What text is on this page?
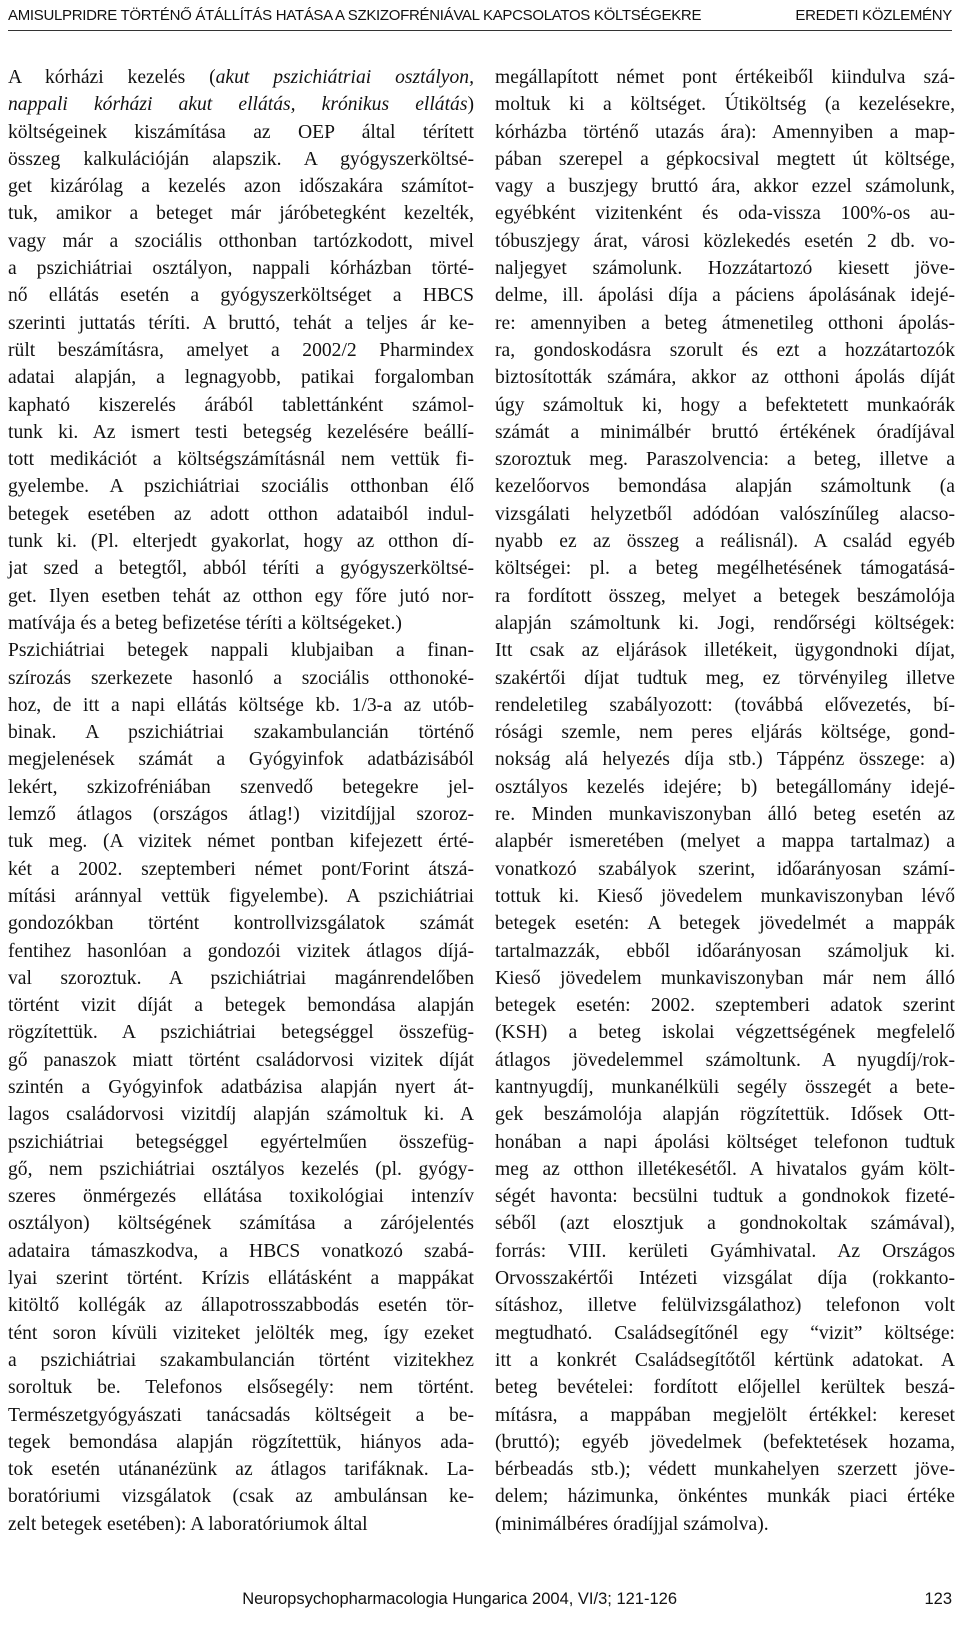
AMISULPRIDRE TÖRTÉNŐ ÁTÁLLÍTÁS HATÁSA A SZKIZOFRÉNIÁVAL KAPCSOLATOS KÖLTSÉGEKRE	EREDETI KÖZLEMÉNY
A kórházi kezelés (akut pszichiátriai osztályon,
nappali kórházi akut ellátás, krónikus ellátás)
költségeinek kiszámítása az OEP által térített
összeg kalkulációján alapszik. A gyógyszerköltsé-
get kizárólag a kezelés azon időszakára számítot-
tuk, amikor a beteget már járóbetegként kezelték,
vagy már a szociális otthonban tartózkodott, mivel
a pszichiátriai osztályon, nappali kórházban törté-
nő ellátás esetén a gyógyszerköltséget a HBCS
szerinti juttatás téríti. A bruttó, tehát a teljes ár ke-
rült beszámításra, amelyet a 2002/2 Pharmindex
adatai alapján, a legnagyobb, patikai forgalomban
kapható kiszerelés árából tablettánként számol-
tunk ki. Az ismert testi betegség kezelésére beállí-
tott medikációt a költségszámításnál nem vettük fi-
gyelembe. A pszichiátriai szociális otthonban élő
betegek esetében az adott otthon adataiból indul-
tunk ki. (Pl. elterjedt gyakorlat, hogy az otthon dí-
jat szed a betegtől, abból téríti a gyógyszerköltsé-
get. Ilyen esetben tehát az otthon egy főre jutó nor-
matívája és a beteg befizetése téríti a költségeket.)
Pszichiátriai betegek nappali klubjaiban a finan-
szírozás szerkezete hasonló a szociális otthonoké-
hoz, de itt a napi ellátás költsége kb. 1/3-a az utób-
binak. A pszichiátriai szakambulancián történő
megjelenések számát a Gyógyinfok adatbázisából
lekért, szkizofréniában szenvedő betegekre jel-
lemző átlagos (országos átlag!) vizitdíjjal szoroz-
tuk meg. (A vizitek német pontban kifejezett érté-
két a 2002. szeptemberi német pont/Forint átszá-
mítási aránnyal vettük figyelembe). A pszichiátriai
gondozókban történt kontrollvizsgálatok számát
fentihez hasonlóan a gondozói vizitek átlagos díjá-
val szoroztuk. A pszichiátriai magánrendelőben
történt vizit díját a betegek bemondása alapján
rögzítettük. A pszichiátriai betegséggel összefüg-
gő panaszok miatt történt családorvosi vizitek díját
szintén a Gyógyinfok adatbázisa alapján nyert át-
lagos családorvosi vizitdíj alapján számoltuk ki. A
pszichiátriai betegséggel egyértelműen összefüg-
gő, nem pszichiátriai osztályos kezelés (pl. gyógy-
szeres önmérgezés ellátása toxikológiai intenzív
osztályon) költségének számítása a zárójelentés
adataira támaszkodva, a HBCS vonatkozó szabá-
lyai szerint történt. Krízis ellátásként a mappákat
kitöltő kollégák az állapotrosszabbodás esetén tör-
tént soron kívüli viziteket jelölték meg, így ezeket
a pszichiátriai szakambulancián történt vizitekhez
soroltuk be. Telefonos elsősegély: nem történt.
Természetgyógyászati tanácsadás költségeit a be-
tegek bemondása alapján rögzítettük, hiányos ada-
tok esetén utánanézünk az átlagos tarifáknak. La-
boratóriumi vizsgálatok (csak az ambulánsan ke-
zelt betegek esetében): A laboratóriumok által
megállapított német pont értékeiből kiindulva szá-
moltuk ki a költséget. Útiköltség (a kezelésekre,
kórházba történő utazás ára): Amennyiben a map-
pában szerepel a gépkocsival megtett út költsége,
vagy a buszjegy bruttó ára, akkor ezzel számolunk,
egyébként vizitenként és oda-vissza 100%-os au-
tóbuszjegy árat, városi közlekedés esetén 2 db. vo-
naljegyet számolunk. Hozzátartozó kiesett jöve-
delme, ill. ápolási díja a páciens ápolásának idejé-
re: amennyiben a beteg átmenetileg otthoni ápolás-
ra, gondoskodásra szorult és ezt a hozzátartozók
biztosították számára, akkor az otthoni ápolás díját
úgy számoltuk ki, hogy a befektetett munkaórák
számát a minimálbér bruttó értékének óradíjával
szoroztuk meg. Paraszolvencia: a beteg, illetve a
kezelőorvos bemondása alapján számoltunk (a
vizsgálati helyzetből adódóan valószínűleg alacso-
nyabb ez az összeg a reálisnál). A család egyéb
költségei: pl. a beteg megélhetésének támogatásá-
ra fordított összeg, melyet a betegek beszámolója
alapján számoltunk ki. Jogi, rendőrségi költségek:
Itt csak az eljárások illetékeit, ügygondnoki díjat,
szakértői díjat tudtuk meg, ez törvényileg illetve
rendeletileg szabályozott: (továbbá elővezetés, bí-
rósági szemle, nem peres eljárás költsége, gond-
nokság alá helyezés díja stb.) Táppénz összege: a)
osztályos kezelés idejére; b) betegállomány idejé-
re. Minden munkaviszonyban álló beteg esetén az
alapbér ismeretében (melyet a mappa tartalmaz) a
vonatkozó szabályok szerint, időarányosan számí-
tottuk ki. Kieső jövedelem munkaviszonyban lévő
betegek esetén: A betegek jövedelmét a mappák
tartalmazzák, ebből időarányosan számoljuk ki.
Kieső jövedelem munkaviszonyban már nem álló
betegek esetén: 2002. szeptemberi adatok szerint
(KSH) a beteg iskolai végzettségének megfelelő
átlagos jövedelemmel számoltunk. A nyugdíj/rok-
kantnyugdíj, munkanélküli segély összegét a bete-
gek beszámolója alapján rögzítettük. Idősek Ott-
honában a napi ápolási költséget telefonon tudtuk
meg az otthon illetékesétől. A hivatalos gyám költ-
ségét havonta: becsülni tudtuk a gondnokok fizeté-
séből (azt elosztjuk a gondnokoltak számával),
forrás: VIII. kerületi Gyámhivatal. Az Országos
Orvosszakértői Intézeti vizsgálat díja (rokkanto-
sításhoz, illetve felülvizsgálathoz) telefonon volt
megtudható. Családsegítőnél egy “vizit” költsége:
itt a konkrét Családsegítőtől kértünk adatokat. A
beteg bevételei: fordított előjellel kerültek beszá-
mításra, a mappában megjelölt értékkel: kereset
(bruttó); egyéb jövedelmek (befektetések hozama,
bérbeadás stb.); védett munkahelyen szerzett jöve-
delem; házimunka, önkéntes munkák piaci értéke
(minimálbéres óradíjjal számolva).
Neuropsychopharmacologia Hungarica 2004, VI/3; 121-126	123
